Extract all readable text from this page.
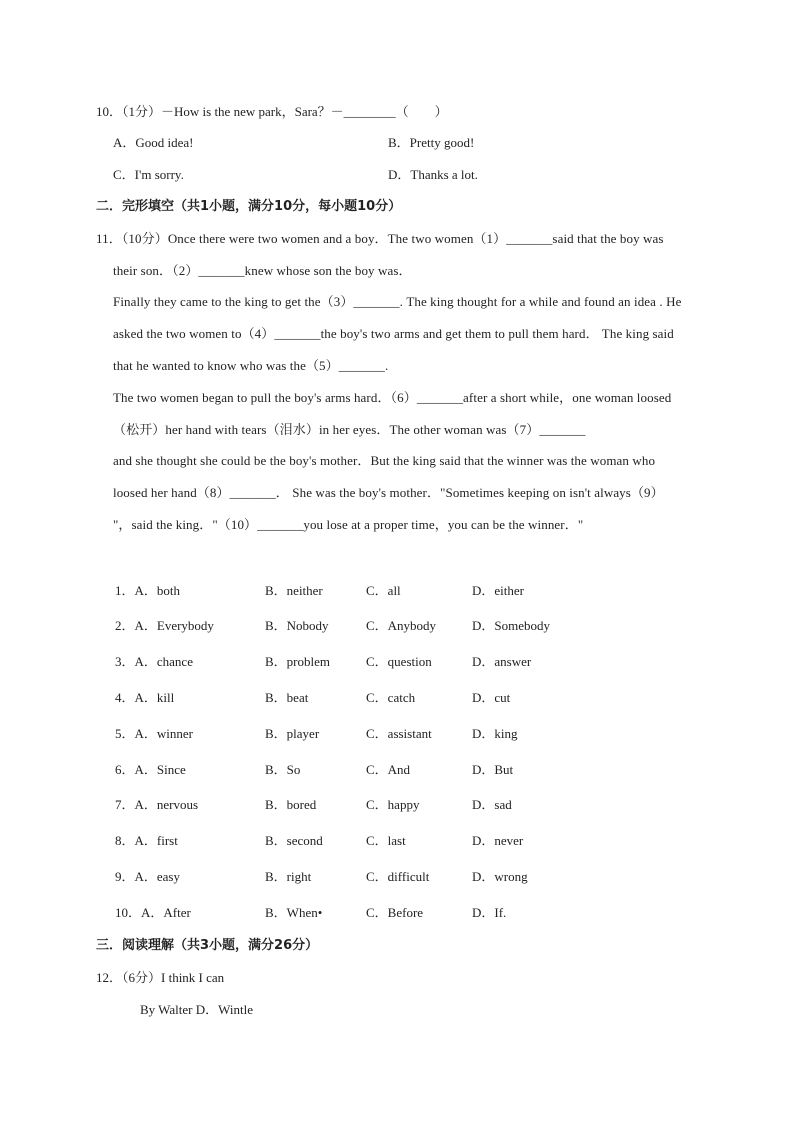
10．（1分）－How is the new park，Sara？－________（　　）
A．Good idea!	B．Pretty good!
C．I'm sorry.	D．Thanks a lot.
二．完形填空（共1小题，满分10分，每小题10分）
11．（10分）Once there were two women and a boy．The two women（1）_______said that the boy was
their son．（2）_______knew whose son the boy was．
Finally they came to the king to get the（3）_______. The king thought for a while and found an idea . He
asked the two women to（4）_______the boy's two arms and get them to pull them hard． The king said
that he wanted to know who was the（5）_______.
The two women began to pull the boy's arms hard．（6）_______after a short while，one woman loosed
（松开）her hand with tears（泪水）in her eyes．The other woman was（7）_______
and she thought she could be the boy's mother．But the king said that the winner was the woman who
loosed her hand（8）_______． She was the boy's mother．"Sometimes keeping on isn't always（9）
"，said the king．"（10）_______you lose at a proper time，you can be the winner．"
1．A．both	B．neither	C．all	D．either
2．A．Everybody	B．Nobody	C．Anybody	D．Somebody
3．A．chance	B．problem	C．question	D．answer
4．A．kill	B．beat	C．catch	D．cut
5．A．winner	B．player	C．assistant	D．king
6．A．Since	B．So	C．And	D．But
7．A．nervous	B．bored	C．happy	D．sad
8．A．first	B．second	C．last	D．never
9．A．easy	B．right	C．difficult	D．wrong
10．A．After	B．When•	C．Before	D．If.
三．阅读理解（共3小题，满分26分）
12．（6分）I think I can
By Walter D．Wintle
